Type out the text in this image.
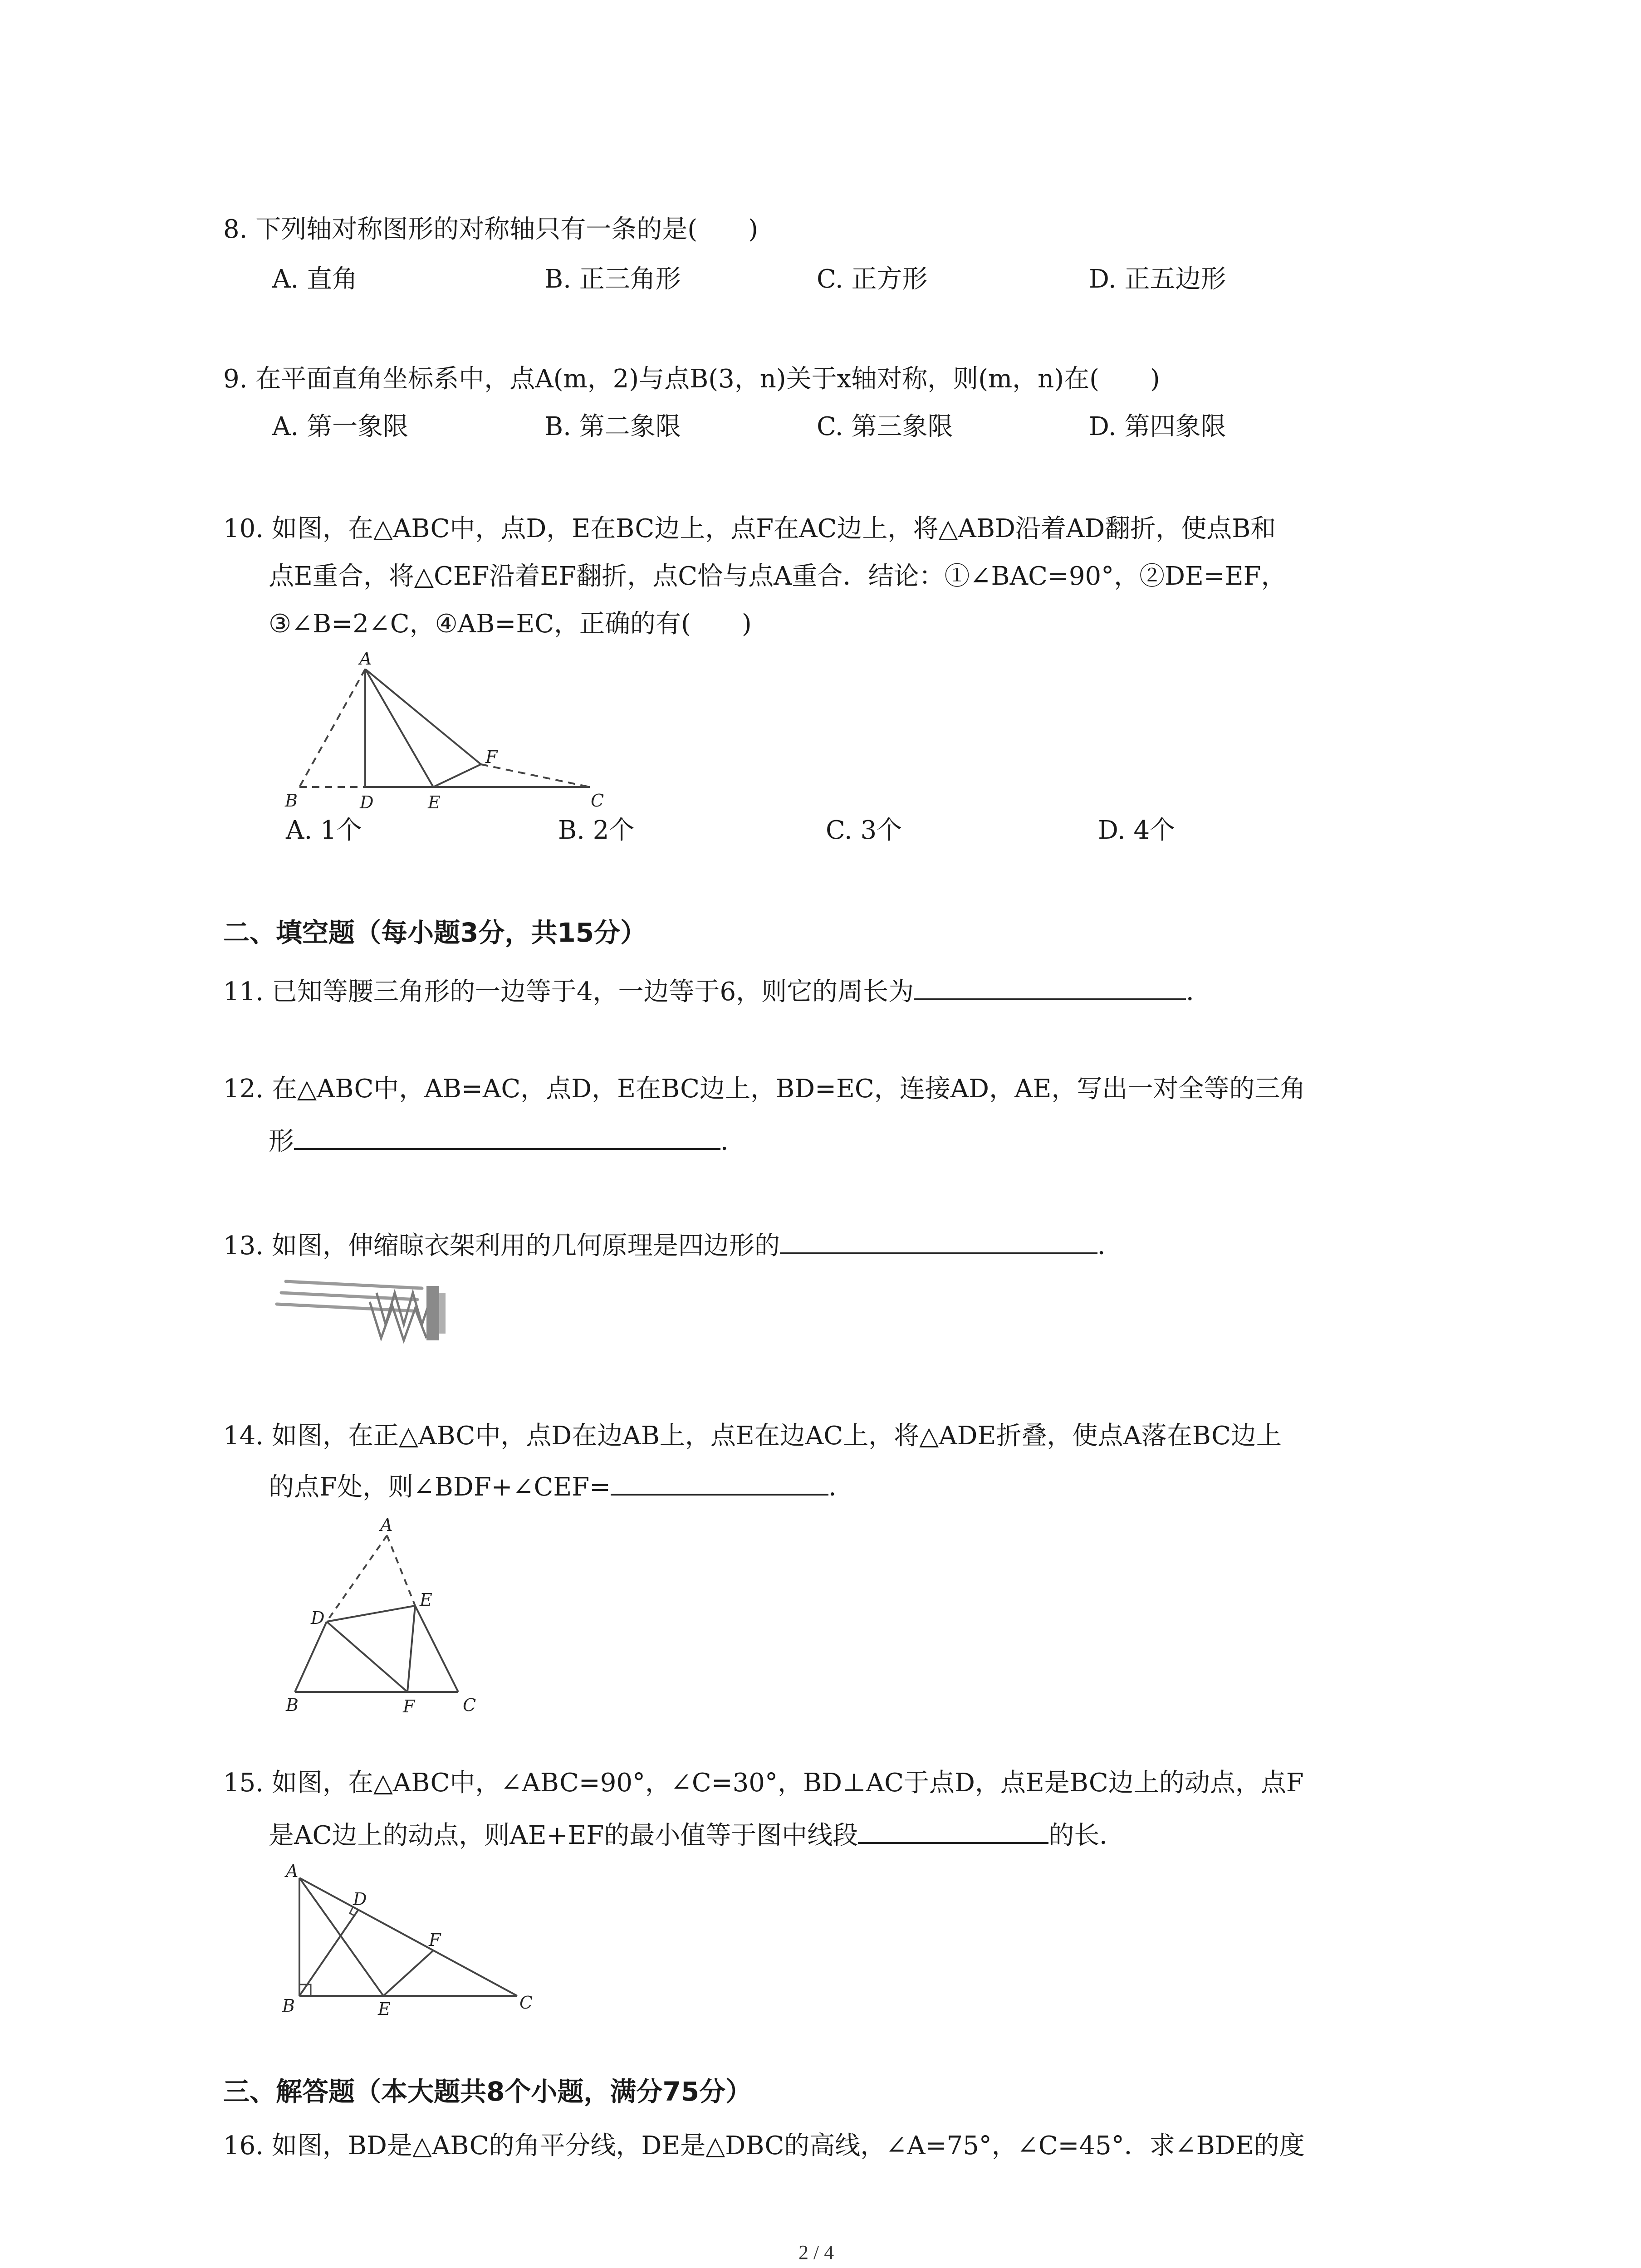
8. 下列轴对称图形的对称轴只有一条的是(　　)
A. 直角	B. 正三角形	C. 正方形	D. 正五边形
9. 在平面直角坐标系中，点A(m，2)与点B(3，n)关于x轴对称，则(m，n)在(　　)
A. 第一象限	B. 第二象限	C. 第三象限	D. 第四象限
10. 如图，在△ABC中，点D，E在BC边上，点F在AC边上，将△ABD沿着AD翻折，使点B和
点E重合，将△CEF沿着EF翻折，点C恰与点A重合．结论：①∠BAC=90°，②DE=EF，
③∠B=2∠C，④AB=EC，正确的有(　　)
A
F
B	D	E	C
A. 1个	B. 2个	C. 3个	D. 4个
二、填空题（每小题3分，共15分）
11. 已知等腰三角形的一边等于4，一边等于6，则它的周长为	．
12. 在△ABC中，AB=AC，点D，E在BC边上，BD=EC，连接AD，AE，写出一对全等的三角
形	．
13. 如图，伸缩晾衣架利用的几何原理是四边形的	．
14. 如图，在正△ABC中，点D在边AB上，点E在边AC上，将△ADE折叠，使点A落在BC边上
的点F处，则∠BDF+∠CEF=	．
A
D
E
B	F	C
15. 如图，在△ABC中，∠ABC=90°，∠C=30°，BD⊥AC于点D，点E是BC边上的动点，点F
是AC边上的动点，则AE+EF的最小值等于图中线段	的长．
A
D
F
B	E	C
三、解答题（本大题共8个小题，满分75分）
16. 如图，BD是△ABC的角平分线，DE是△DBC的高线，∠A=75°，∠C=45°．求∠BDE的度
2 / 4
